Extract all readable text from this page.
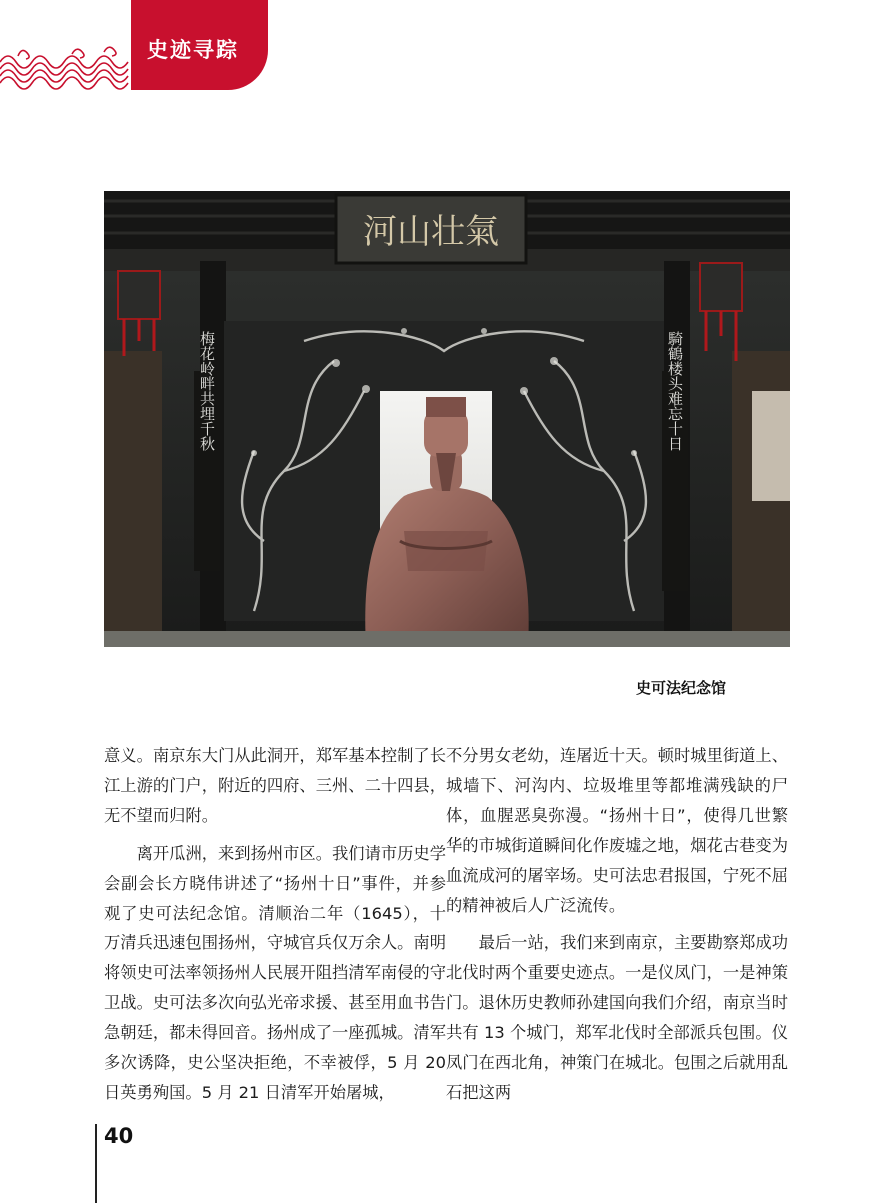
史迹寻踪
河山壮氣
梅花岭畔共埋千秋	騎鶴楼头难忘十日
史可法纪念馆

意义。南京东大门从此洞开，郑军基本控制了长江上游的门户，附近的四府、三州、二十四县，无不望而归附。

离开瓜洲，来到扬州市区。我们请市历史学会副会长方晓伟讲述了“扬州十日”事件，并参观了史可法纪念馆。清顺治二年（1645），十万清兵迅速包围扬州，守城官兵仅万余人。南明将领史可法率领扬州人民展开阻挡清军南侵的守卫战。史可法多次向弘光帝求援、甚至用血书告急朝廷，都未得回音。扬州成了一座孤城。清军多次诱降，史公坚决拒绝，不幸被俘，5 月 20 日英勇殉国。5 月 21 日清军开始屠城，

不分男女老幼，连屠近十天。顿时城里街道上、城墙下、河沟内、垃圾堆里等都堆满残缺的尸体，血腥恶臭弥漫。“扬州十日”，使得几世繁华的市城街道瞬间化作废墟之地，烟花古巷变为血流成河的屠宰场。史可法忠君报国，宁死不屈的精神被后人广泛流传。

最后一站，我们来到南京，主要勘察郑成功北伐时两个重要史迹点。一是仪凤门，一是神策门。退休历史教师孙建国向我们介绍，南京当时共有 13 个城门，郑军北伐时全部派兵包围。仪凤门在西北角，神策门在城北。包围之后就用乱石把这两

40
